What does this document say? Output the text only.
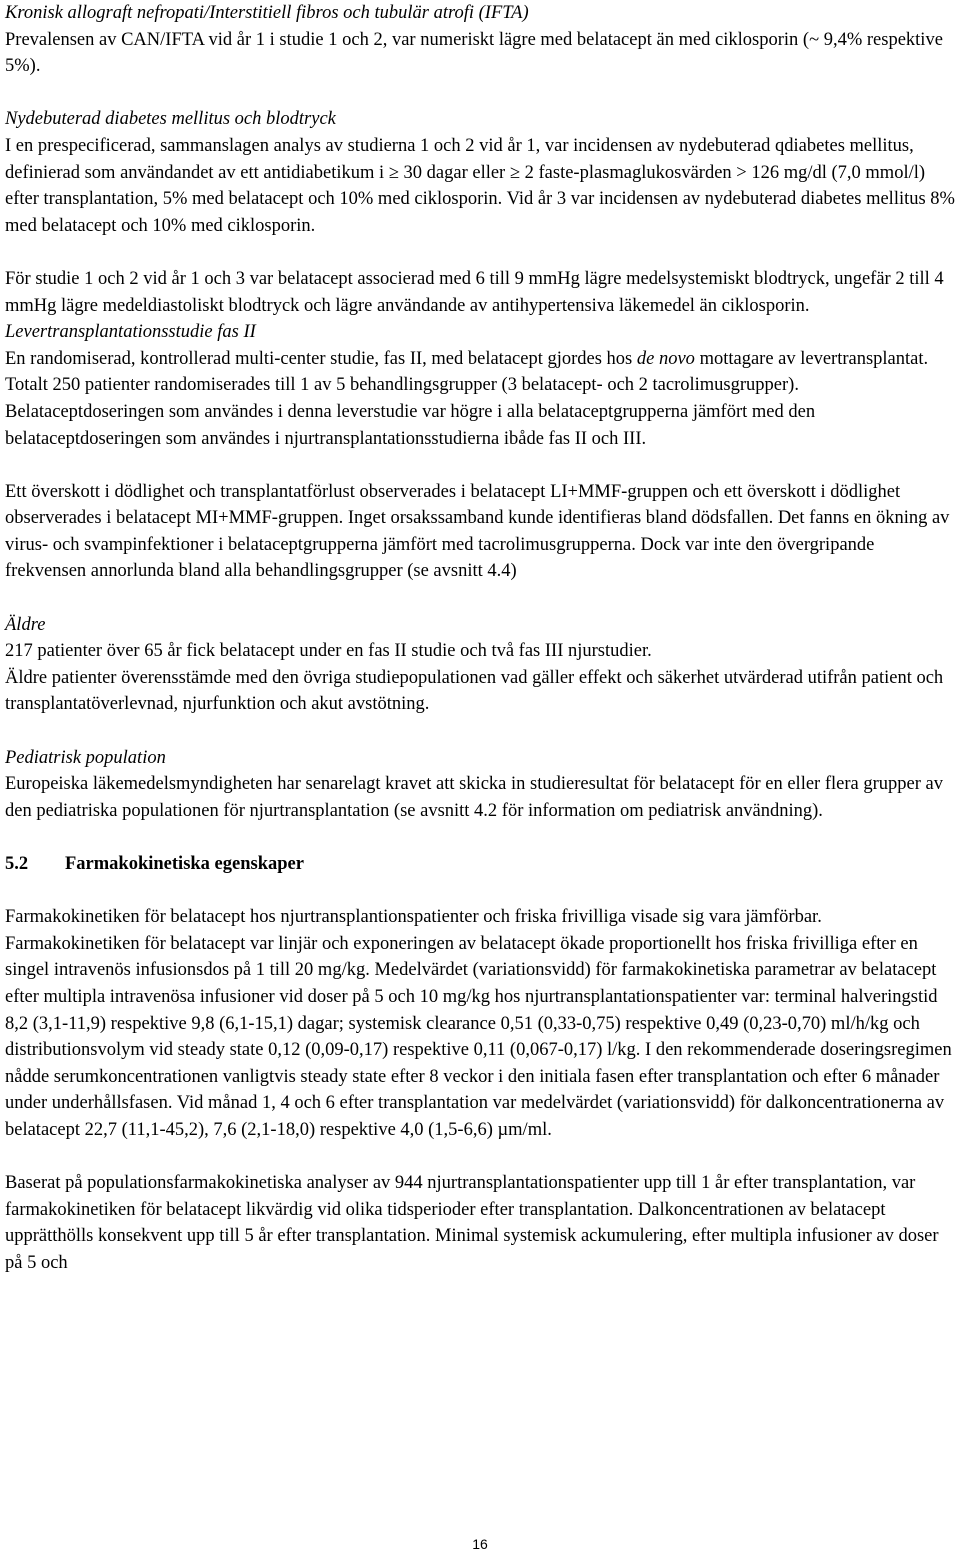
Kronisk allograft nefropati/Interstitiell fibros och tubulär atrofi (IFTA)

Prevalensen av CAN/IFTA vid år 1 i studie 1 och 2, var numeriskt lägre med belatacept än med ciklosporin (~ 9,4% respektive 5%).

Nydebuterad diabetes mellitus och blodtryck

I en prespecificerad, sammanslagen analys av studierna 1 och 2 vid år 1, var incidensen av nydebuterad qdiabetes mellitus, definierad som användandet av ett antidiabetikum i ≥ 30 dagar eller ≥ 2 faste-plasmaglukosvärden > 126 mg/dl (7,0 mmol/l) efter transplantation, 5% med belatacept och 10% med ciklosporin. Vid år 3 var incidensen av nydebuterad diabetes mellitus 8% med belatacept och 10% med ciklosporin.

För studie 1 och 2 vid år 1 och 3 var belatacept associerad med 6 till 9 mmHg lägre medelsystemiskt blodtryck, ungefär 2 till 4 mmHg lägre medeldiastoliskt blodtryck och lägre användande av antihypertensiva läkemedel än ciklosporin.

Levertransplantationsstudie fas II

En randomiserad, kontrollerad multi-center studie, fas II, med belatacept gjordes hos de novo mottagare av levertransplantat. Totalt 250 patienter randomiserades till 1 av 5 behandlingsgrupper (3 belatacept- och 2 tacrolimusgrupper). Belataceptdoseringen som användes i denna leverstudie var högre i alla belataceptgrupperna jämfört med den belataceptdoseringen som användes i njurtransplantationsstudierna ibåde fas II och III.

Ett överskott i dödlighet och transplantatförlust observerades i belatacept LI+MMF-gruppen och ett överskott i dödlighet observerades i belatacept MI+MMF-gruppen. Inget orsakssamband kunde identifieras bland dödsfallen. Det fanns en ökning av virus- och svampinfektioner i belataceptgrupperna jämfört med tacrolimusgrupperna. Dock var inte den övergripande frekvensen annorlunda bland alla behandlingsgrupper (se avsnitt 4.4)

Äldre

217 patienter över 65 år fick belatacept under en fas II studie och två fas III njurstudier.

Äldre patienter överensstämde med den övriga studiepopulationen vad gäller effekt och säkerhet utvärderad utifrån patient och transplantatöverlevnad, njurfunktion och akut avstötning.

Pediatrisk population

Europeiska läkemedelsmyndigheten har senarelagt kravet att skicka in studieresultat för belatacept för en eller flera grupper av den pediatriska populationen för njurtransplantation (se avsnitt 4.2 för information om pediatrisk användning).

5.2 Farmakokinetiska egenskaper

Farmakokinetiken för belatacept hos njurtransplantionspatienter och friska frivilliga visade sig vara jämförbar. Farmakokinetiken för belatacept var linjär och exponeringen av belatacept ökade proportionellt hos friska frivilliga efter en singel intravenös infusionsdos på 1 till 20 mg/kg. Medelvärdet (variationsvidd) för farmakokinetiska parametrar av belatacept efter multipla intravenösa infusioner vid doser på 5 och 10 mg/kg hos njurtransplantationspatienter var: terminal halveringstid 8,2 (3,1-11,9) respektive 9,8 (6,1-15,1) dagar; systemisk clearance 0,51 (0,33-0,75) respektive 0,49 (0,23-0,70) ml/h/kg och distributionsvolym vid steady state 0,12 (0,09-0,17) respektive 0,11 (0,067-0,17) l/kg. I den rekommenderade doseringsregimen nådde serumkoncentrationen vanligtvis steady state efter 8 veckor i den initiala fasen efter transplantation och efter 6 månader under underhållsfasen. Vid månad 1, 4 och 6 efter transplantation var medelvärdet (variationsvidd) för dalkoncentrationerna av belatacept 22,7 (11,1-45,2), 7,6 (2,1-18,0) respektive 4,0 (1,5-6,6) µm/ml.

Baserat på populationsfarmakokinetiska analyser av 944 njurtransplantationspatienter upp till 1 år efter transplantation, var farmakokinetiken för belatacept likvärdig vid olika tidsperioder efter transplantation. Dalkoncentrationen av belatacept upprätthölls konsekvent upp till 5 år efter transplantation. Minimal systemisk ackumulering, efter multipla infusioner av doser på 5 och

16
